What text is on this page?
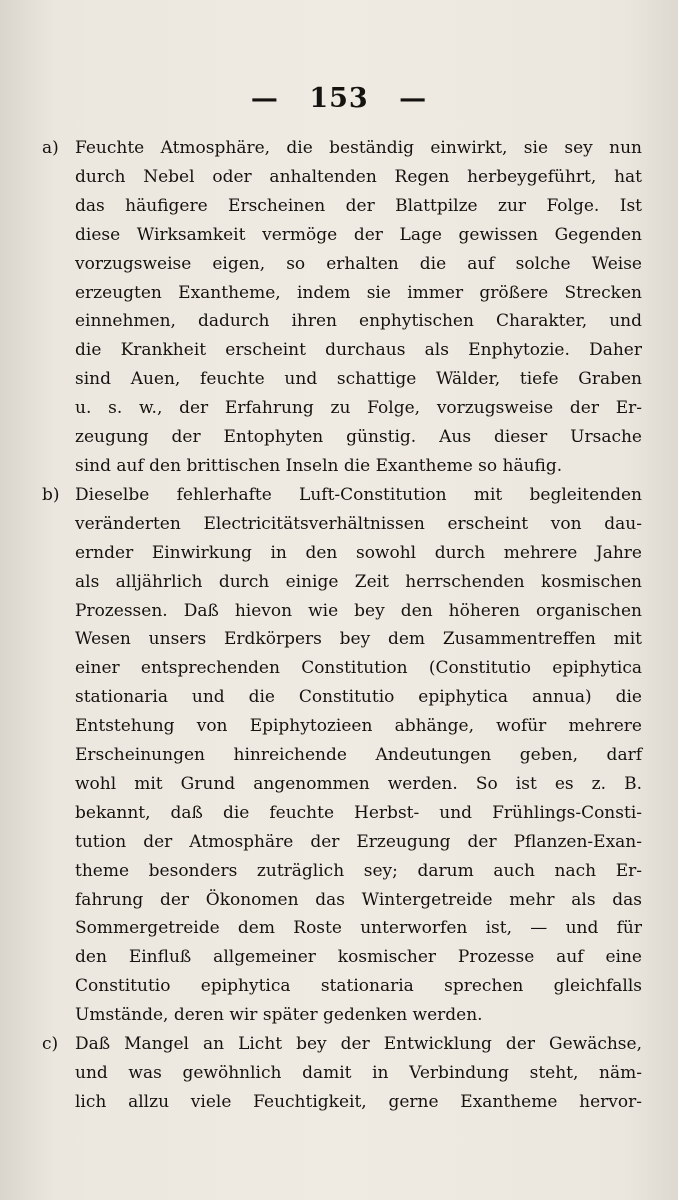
— 153 —
a) Feuchte Atmosphäre, die beständig einwirkt, sie sey nun
durch Nebel oder anhaltenden Regen herbeygeführt, hat
das häufigere Erscheinen der Blattpilze zur Folge. Ist
diese Wirksamkeit vermöge der Lage gewissen Gegenden
vorzugsweise eigen, so erhalten die auf solche Weise
erzeugten Exantheme, indem sie immer größere Strecken
einnehmen, dadurch ihren enphytischen Charakter, und
die Krankheit erscheint durchaus als Enphytozie. Daher
sind Auen, feuchte und schattige Wälder, tiefe Graben
u. s. w., der Erfahrung zu Folge, vorzugsweise der Er-
zeugung der Entophyten günstig. Aus dieser Ursache
sind auf den brittischen Inseln die Exantheme so häufig.
b) Dieselbe fehlerhafte Luft-Constitution mit begleitenden
veränderten Electricitätsverhältnissen erscheint von dau-
ernder Einwirkung in den sowohl durch mehrere Jahre
als alljährlich durch einige Zeit herrschenden kosmischen
Prozessen. Daß hievon wie bey den höheren organischen
Wesen unsers Erdkörpers bey dem Zusammentreffen mit
einer entsprechenden Constitution (Constitutio epiphytica
stationaria und die Constitutio epiphytica annua) die
Entstehung von Epiphytozieen abhänge, wofür mehrere
Erscheinungen hinreichende Andeutungen geben, darf
wohl mit Grund angenommen werden. So ist es z. B.
bekannt, daß die feuchte Herbst- und Frühlings-Consti-
tution der Atmosphäre der Erzeugung der Pflanzen-Exan-
theme besonders zuträglich sey; darum auch nach Er-
fahrung der Ökonomen das Wintergetreide mehr als das
Sommergetreide dem Roste unterworfen ist, — und für
den Einfluß allgemeiner kosmischer Prozesse auf eine
Constitutio epiphytica stationaria sprechen gleichfalls
Umstände, deren wir später gedenken werden.
c) Daß Mangel an Licht bey der Entwicklung der Gewächse,
und was gewöhnlich damit in Verbindung steht, näm-
lich allzu viele Feuchtigkeit, gerne Exantheme hervor-
